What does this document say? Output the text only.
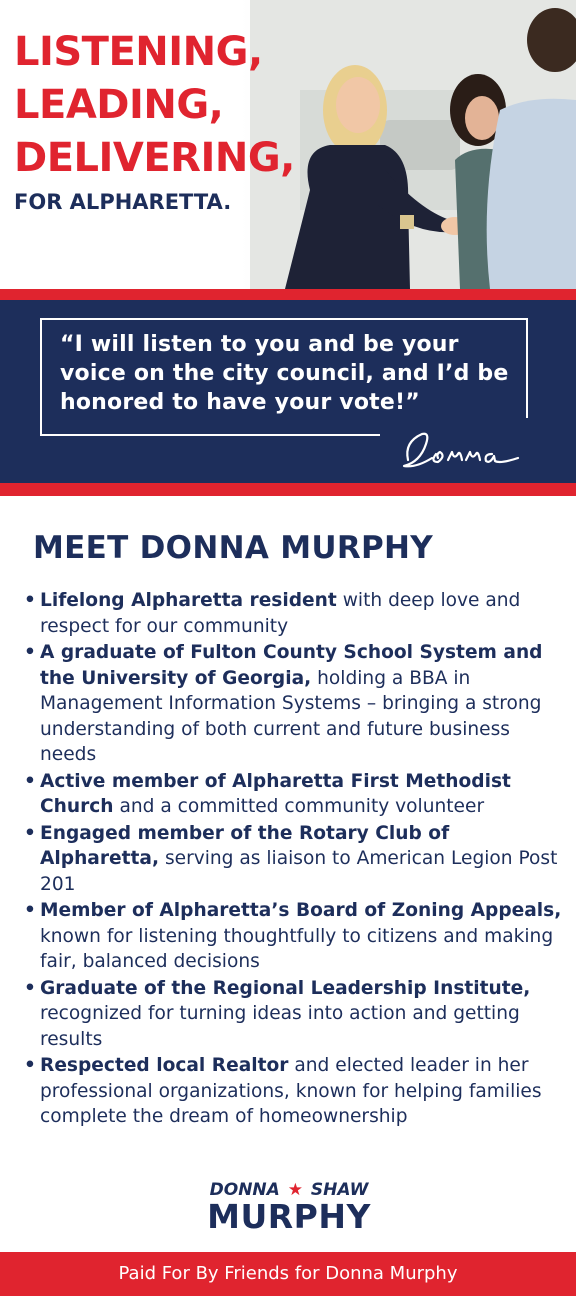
LISTENING,
LEADING,
DELIVERING,
FOR ALPHARETTA.
“I will listen to you and be your voice on the city council, and I’d be honored to have your vote!”
MEET DONNA MURPHY
• Lifelong Alpharetta resident with deep love and respect for our community
• A graduate of Fulton County School System and the University of Georgia, holding a BBA in Management Information Systems – bringing a strong understanding of both current and future business needs
• Active member of Alpharetta First Methodist Church and a committed community volunteer
• Engaged member of the Rotary Club of Alpharetta, serving as liaison to American Legion Post 201
• Member of Alpharetta’s Board of Zoning Appeals, known for listening thoughtfully to citizens and making fair, balanced decisions
• Graduate of the Regional Leadership Institute, recognized for turning ideas into action and getting results
• Respected local Realtor and elected leader in her professional organizations, known for helping families complete the dream of homeownership
DONNA ★ SHAW
MURPHY
Paid For By Friends for Donna Murphy
